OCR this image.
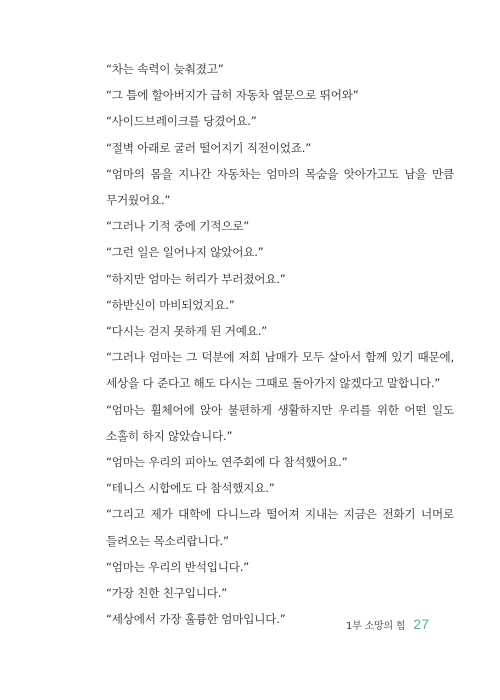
“차는 속력이 늦춰졌고”

“그 틈에 할아버지가 급히 자동차 옆문으로 뛰어와”

“사이드브레이크를 당겼어요.”

“절벽 아래로 굴러 떨어지기 직전이었죠.”

“엄마의 몸을 지나간 자동차는 엄마의 목숨을 앗아가고도 남을 만큼 무거웠어요.”

“그러나 기적 중에 기적으로”

“그런 일은 일어나지 않았어요.”

“하지만 엄마는 허리가 부러졌어요.”

“하반신이 마비되었지요.”

“다시는 걷지 못하게 된 거예요.”

“그러나 엄마는 그 덕분에 저희 남매가 모두 살아서 함께 있기 때문에, 세상을 다 준다고 해도 다시는 그때로 돌아가지 않겠다고 말합니다.”

“엄마는 휠체어에 앉아 불편하게 생활하지만 우리를 위한 어떤 일도 소홀히 하지 않았습니다.”

“엄마는 우리의 피아노 연주회에 다 참석했어요.”

“테니스 시합에도 다 참석했지요.”

“그리고 제가 대학에 다니느라 떨어져 지내는 지금은 전화기 너머로 들려오는 목소리랍니다.”

“엄마는 우리의 반석입니다.”

“가장 친한 친구입니다.”

“세상에서 가장 훌륭한 엄마입니다.”

1부 소망의 힘 27
